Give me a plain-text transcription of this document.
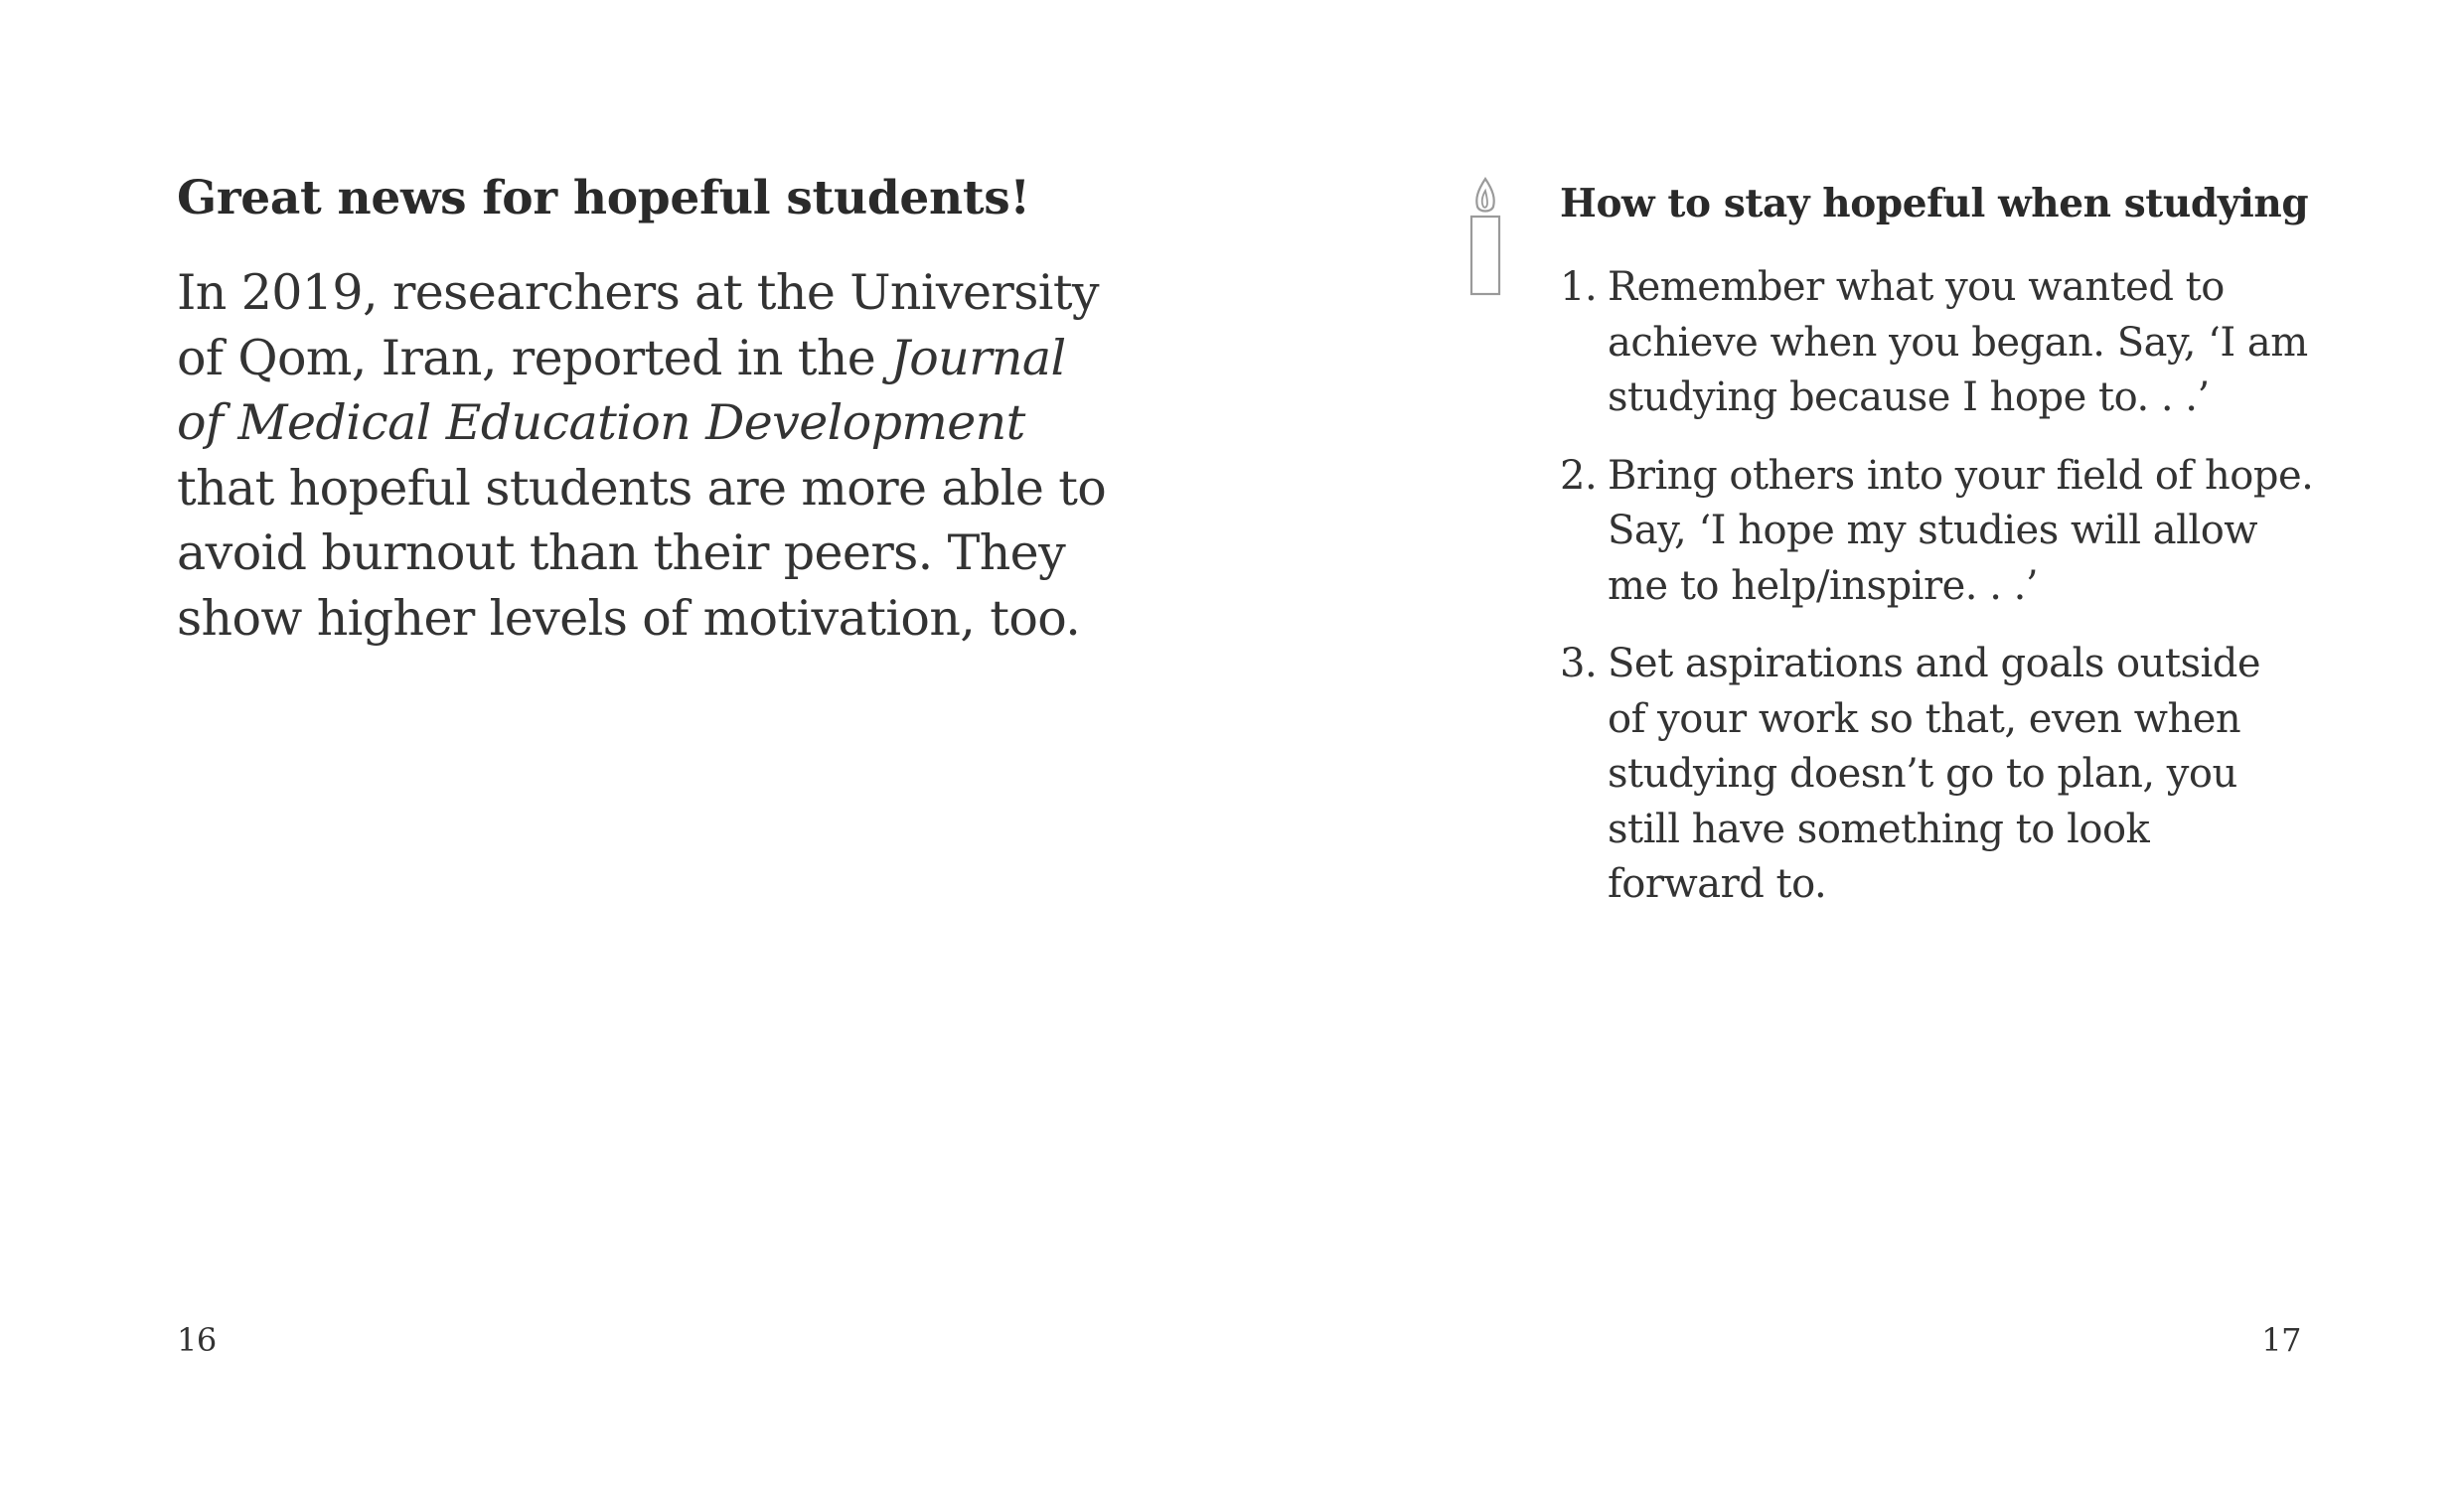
Great news for hopeful students!

In 2019, researchers at the University
of Qom, Iran, reported in the Journal
of Medical Education Development
that hopeful students are more able to
avoid burnout than their peers. They
show higher levels of motivation, too.

16
How to stay hopeful when studying
1. Remember what you wanted to
achieve when you began. Say, ‘I am
studying because I hope to. . .’
2. Bring others into your field of hope.
Say, ‘I hope my studies will allow
me to help/inspire. . .’
3. Set aspirations and goals outside
of your work so that, even when
studying doesn’t go to plan, you
still have something to look
forward to.
17
